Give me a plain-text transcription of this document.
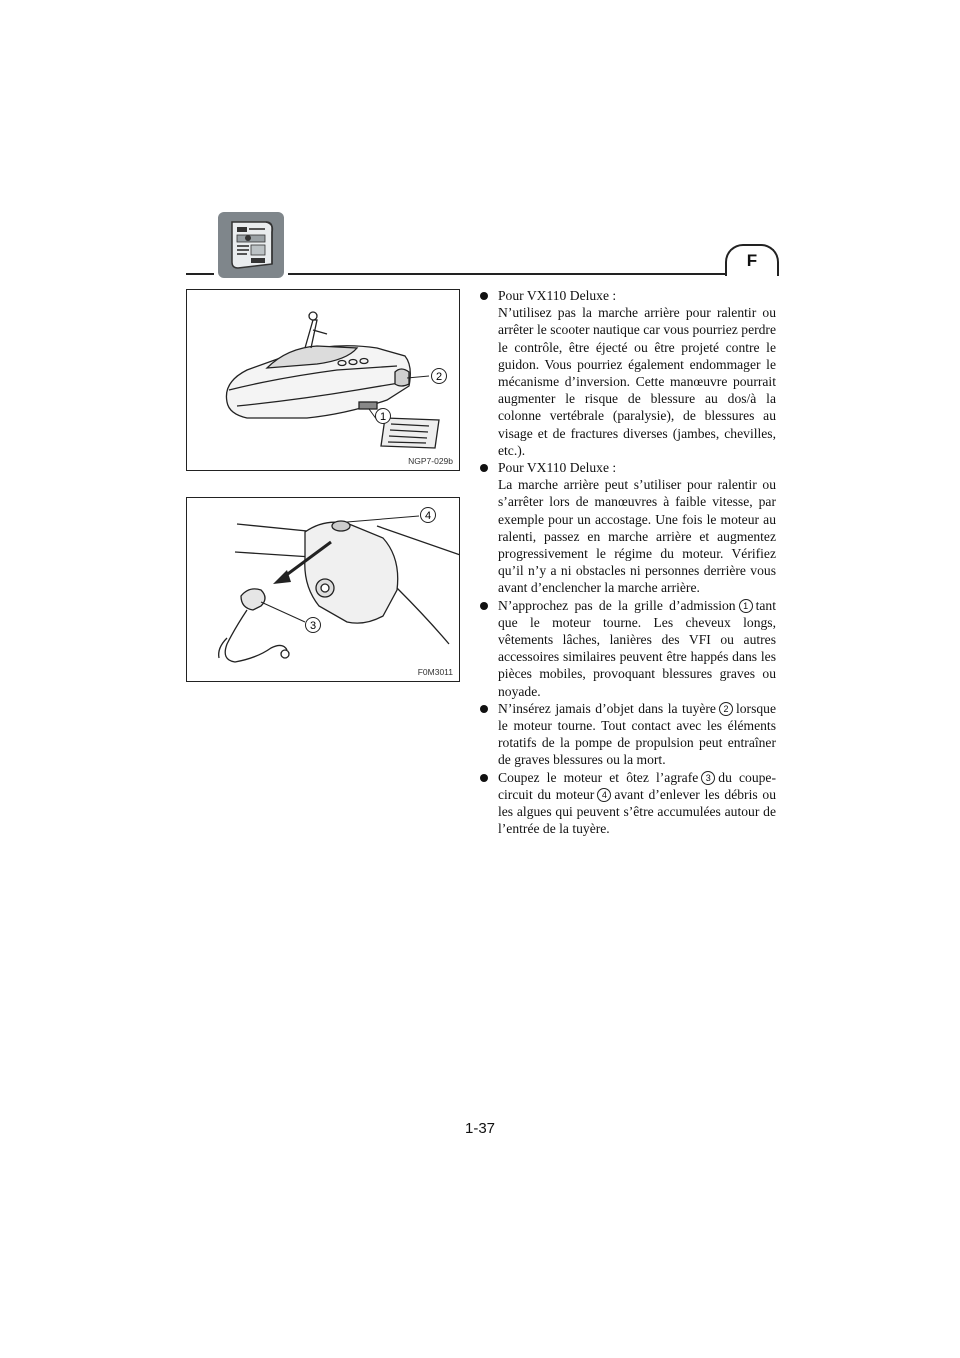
F
2
1
NGP7-029b
4
3
F0M3011
Pour VX110 Deluxe :
N’utilisez pas la marche arrière pour ralentir ou arrêter le scooter nautique car vous pourriez perdre le contrôle, être éjecté ou être projeté contre le guidon. Vous pourriez également endommager le mécanisme d’inversion. Cette manœuvre pourrait augmenter le risque de blessure au dos/à la colonne vertébrale (paralysie), de blessures au visage et de fractures diverses (jambes, chevilles, etc.).
Pour VX110 Deluxe :
La marche arrière peut s’utiliser pour ralentir ou s’arrêter lors de manœuvres à faible vitesse, par exemple pour un accostage. Une fois le moteur au ralenti, passez en marche arrière et augmentez progressivement le régime du moteur. Vérifiez qu’il n’y a ni obstacles ni personnes derrière vous avant d’enclencher la marche arrière.
N’approchez pas de la grille d’admission 1 tant que le moteur tourne. Les cheveux longs, vêtements lâches, lanières des VFI ou autres accessoires similaires peuvent être happés dans les pièces mobiles, provoquant blessures graves ou noyade.
N’insérez jamais d’objet dans la tuyère 2 lorsque le moteur tourne. Tout contact avec les éléments rotatifs de la pompe de propulsion peut entraîner de graves blessures ou la mort.
Coupez le moteur et ôtez l’agrafe 3 du coupe-circuit du moteur 4 avant d’enlever les débris ou les algues qui peuvent s’être accumulées autour de l’entrée de la tuyère.
1-37
